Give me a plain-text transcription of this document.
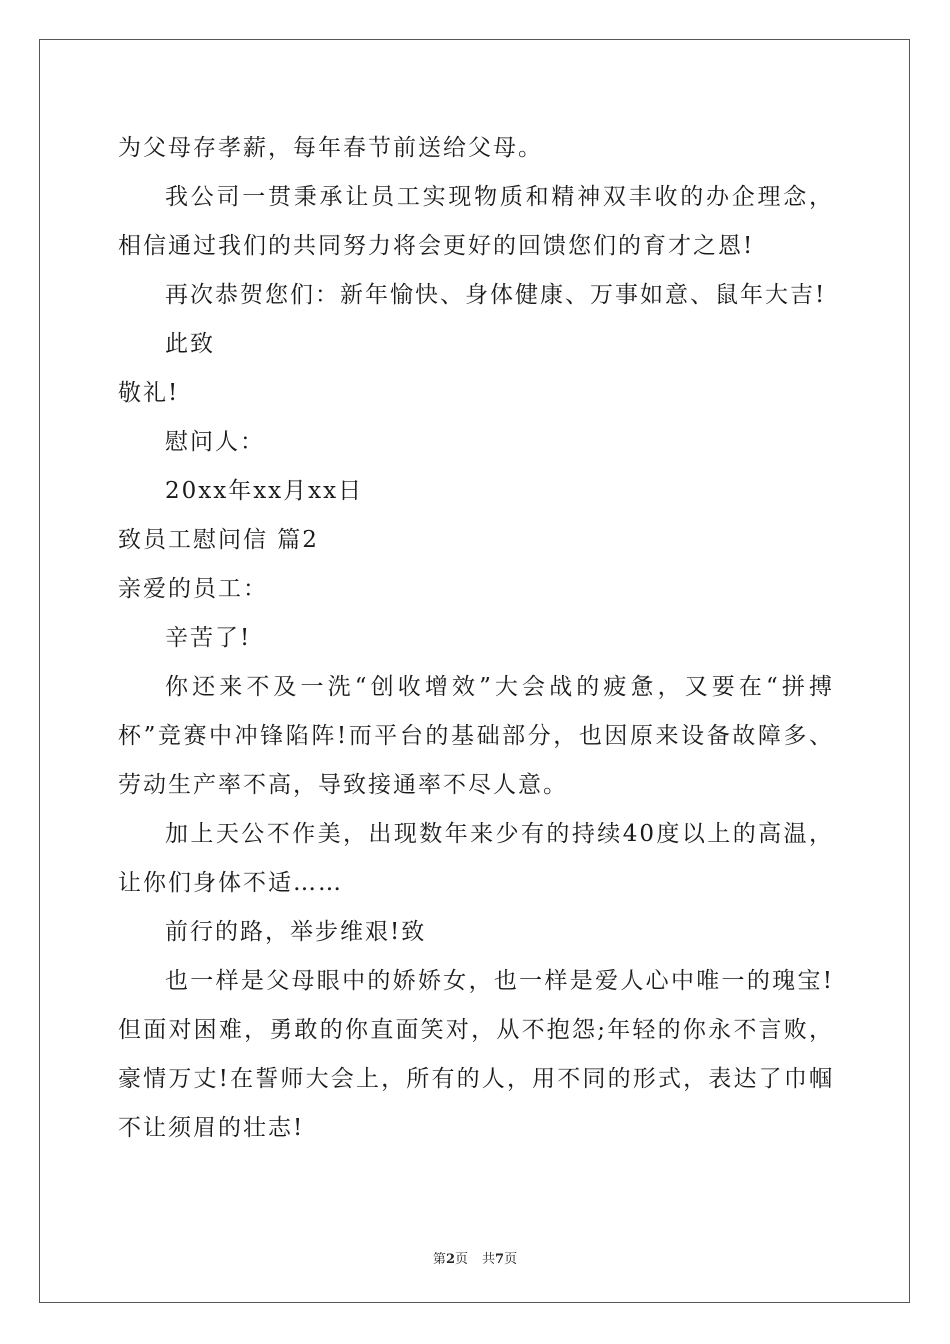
为父母存孝薪，每年春节前送给父母。

我公司一贯秉承让员工实现物质和精神双丰收的办企理念，相信通过我们的共同努力将会更好的回馈您们的育才之恩!

再次恭贺您们：新年愉快、身体健康、万事如意、鼠年大吉!

此致

敬礼!

慰问人：

20xx年xx月xx日

致员工慰问信 篇2

亲爱的员工：

辛苦了!

你还来不及一洗“创收增效”大会战的疲惫，又要在“拼搏杯”竞赛中冲锋陷阵!而平台的基础部分，也因原来设备故障多、劳动生产率不高，导致接通率不尽人意。

加上天公不作美，出现数年来少有的持续40度以上的高温，让你们身体不适……

前行的路，举步维艰!致

也一样是父母眼中的娇娇女，也一样是爱人心中唯一的瑰宝!但面对困难，勇敢的你直面笑对，从不抱怨;年轻的你永不言败，豪情万丈!在誓师大会上，所有的人，用不同的形式，表达了巾帼不让须眉的壮志!

第2页 共7页
